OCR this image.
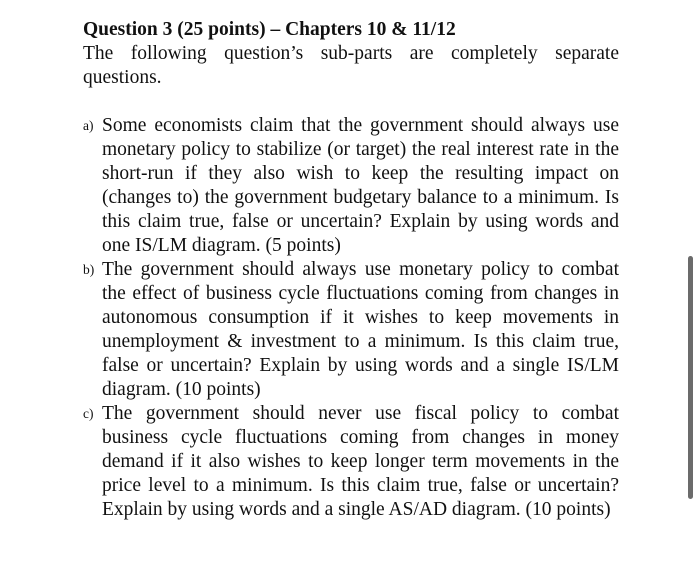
Question 3 (25 points) – Chapters 10 & 11/12

The following question’s sub-parts are completely separate questions.

a) Some economists claim that the government should always use monetary policy to stabilize (or target) the real interest rate in the short-run if they also wish to keep the resulting impact on (changes to) the government budgetary balance to a minimum. Is this claim true, false or uncertain? Explain by using words and one IS/LM diagram. (5 points)
b) The government should always use monetary policy to combat the effect of business cycle fluctuations coming from changes in autonomous consumption if it wishes to keep movements in unemployment & investment to a minimum. Is this claim true, false or uncertain? Explain by using words and a single IS/LM diagram. (10 points)
c) The government should never use fiscal policy to combat business cycle fluctuations coming from changes in money demand if it also wishes to keep longer term movements in the price level to a minimum. Is this claim true, false or uncertain? Explain by using words and a single AS/AD diagram. (10 points)
